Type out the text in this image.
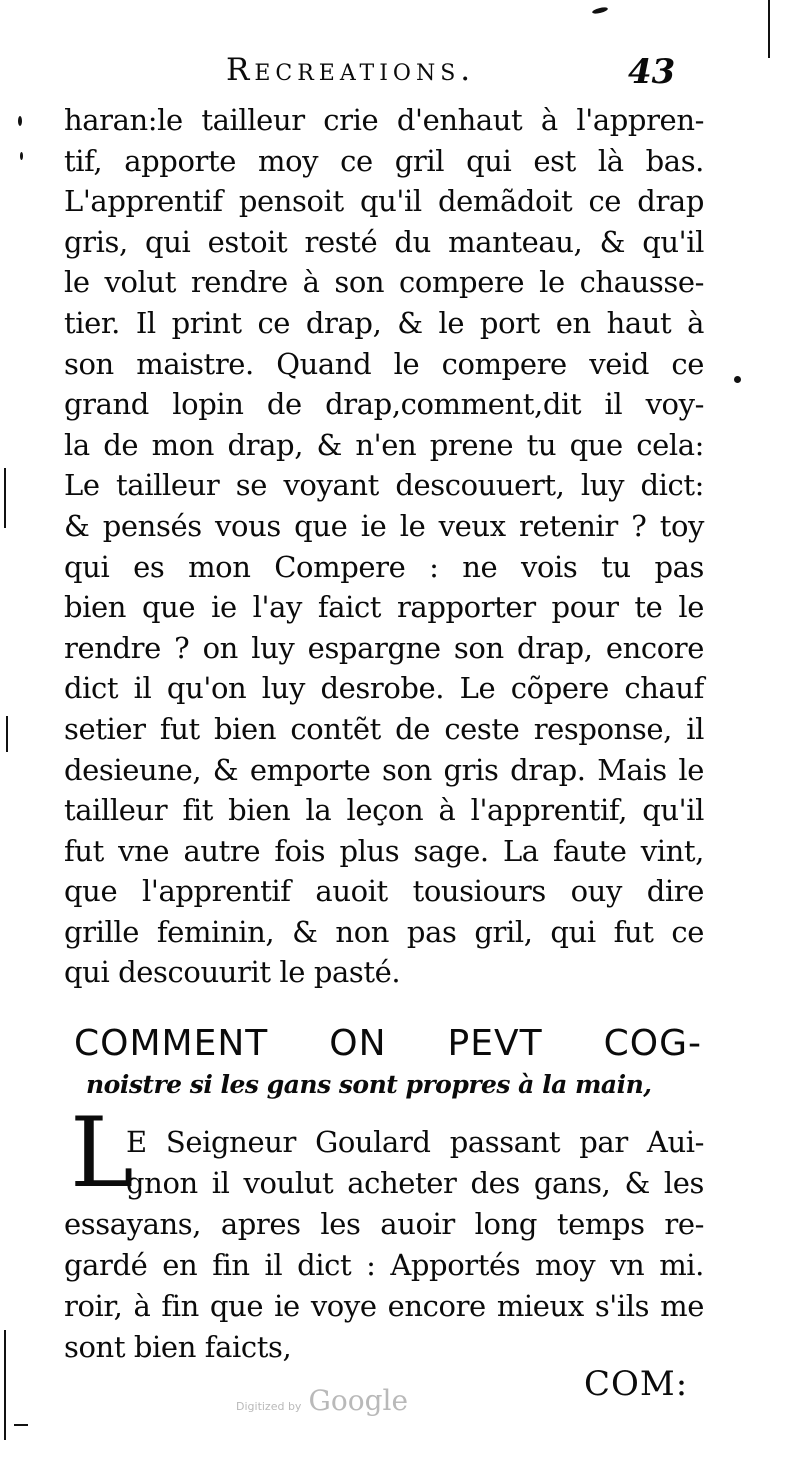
Recreations.	43
haran:le tailleur crie d'enhaut à l'appren-
tif, apporte moy ce gril qui est là bas.
L'apprentif pensoit qu'il demãdoit ce drap
gris, qui estoit resté du manteau, & qu'il
le volut rendre à son compere le chausse-
tier. Il print ce drap, & le port en haut à
son maistre. Quand le compere veid ce
grand lopin de drap,comment,dit il voy-
la de mon drap, & n'en prene tu que cela:
Le tailleur se voyant descouuert, luy dict:
& pensés vous que ie le veux retenir ? toy
qui es mon Compere : ne vois tu pas
bien que ie l'ay faict rapporter pour te le
rendre ? on luy espargne son drap, encore
dict il qu'on luy desrobe. Le cõpere chauf
setier fut bien contẽt de ceste response, il
desieune, & emporte son gris drap. Mais le
tailleur fit bien la leçon à l'apprentif, qu'il
fut vne autre fois plus sage. La faute vint,
que l'apprentif auoit tousiours ouy dire
grille feminin, & non pas gril, qui fut ce
qui descouurit le pasté.
COMMENT ON PEVT COG-
noistre si les gans sont propres à la main,
L
E Seigneur Goulard passant par Aui-
gnon il voulut acheter des gans, & les
essayans, apres les auoir long temps re-
gardé en fin il dict : Apportés moy vn mi.
roir, à fin que ie voye encore mieux s'ils me
sont bien faicts,
COM:
Digitized by Google
